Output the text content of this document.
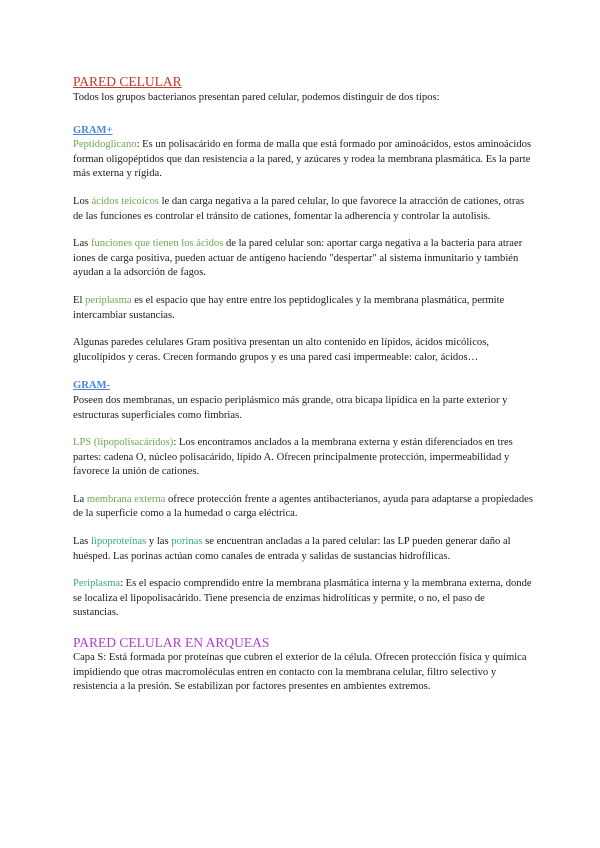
PARED CELULAR

Todos los grupos bacterianos presentan pared celular, podemos distinguir de dos tipos:

GRAM+

Peptidoglicano: Es un polisacárido en forma de malla que está formado por aminoácidos, estos aminoácidos forman oligopéptidos que dan resistencia a la pared, y azúcares y rodea la membrana plasmática. Es la parte más externa y rígida.

Los ácidos teicoicos le dan carga negativa a la pared celular, lo que favorece la atracción de cationes, otras de las funciones es controlar el tránsito de cationes, fomentar la adherencia y controlar la autolisis.

Las funciones que tienen los ácidos de la pared celular son: aportar carga negativa a la bacteria para atraer iones de carga positiva, pueden actuar de antígeno haciendo "despertar" al sistema inmunitario y también ayudan a la adsorción de fagos.

El periplasma es el espacio que hay entre entre los peptidoglicales y la membrana plasmática, permite intercambiar sustancias.

Algunas paredes celulares Gram positiva presentan un alto contenido en lípidos, ácidos micólicos, glucolípidos y ceras. Crecen formando grupos y es una pared casi impermeable: calor, ácidos…

GRAM-

Poseen dos membranas, un espacio periplásmico más grande, otra bicapa lipídica en la parte exterior y estructuras superficiales como fimbrias.

LPS (lipopolisacáridos): Los encontramos anclados a la membrana externa y están diferenciados en tres partes: cadena O, núcleo polisacárido, lípido A. Ofrecen principalmente protección, impermeabilidad y favorece la unión de cationes.

La membrana externa ofrece protección frente a agentes antibacterianos, ayuda para adaptarse a propiedades de la superficie como a la humedad o carga eléctrica.

Las lipoproteínas y las porinas se encuentran ancladas a la pared celular: las LP pueden generar daño al huésped. Las porinas actúan como canales de entrada y salidas de sustancias hidrofílicas.

Periplasma: Es el espacio comprendido entre la membrana plasmática interna y la membrana externa, donde se localiza el lipopolisacárido. Tiene presencia de enzimas hidrolíticas y permite, o no, el paso de sustancias.

PARED CELULAR EN ARQUEAS

Capa S: Está formada por proteínas que cubren el exterior de la célula. Ofrecen protección física y química impidiendo que otras macromoléculas entren en contacto con la membrana celular, filtro selectivo y resistencia a la presión. Se estabilizan por factores presentes en ambientes extremos.
